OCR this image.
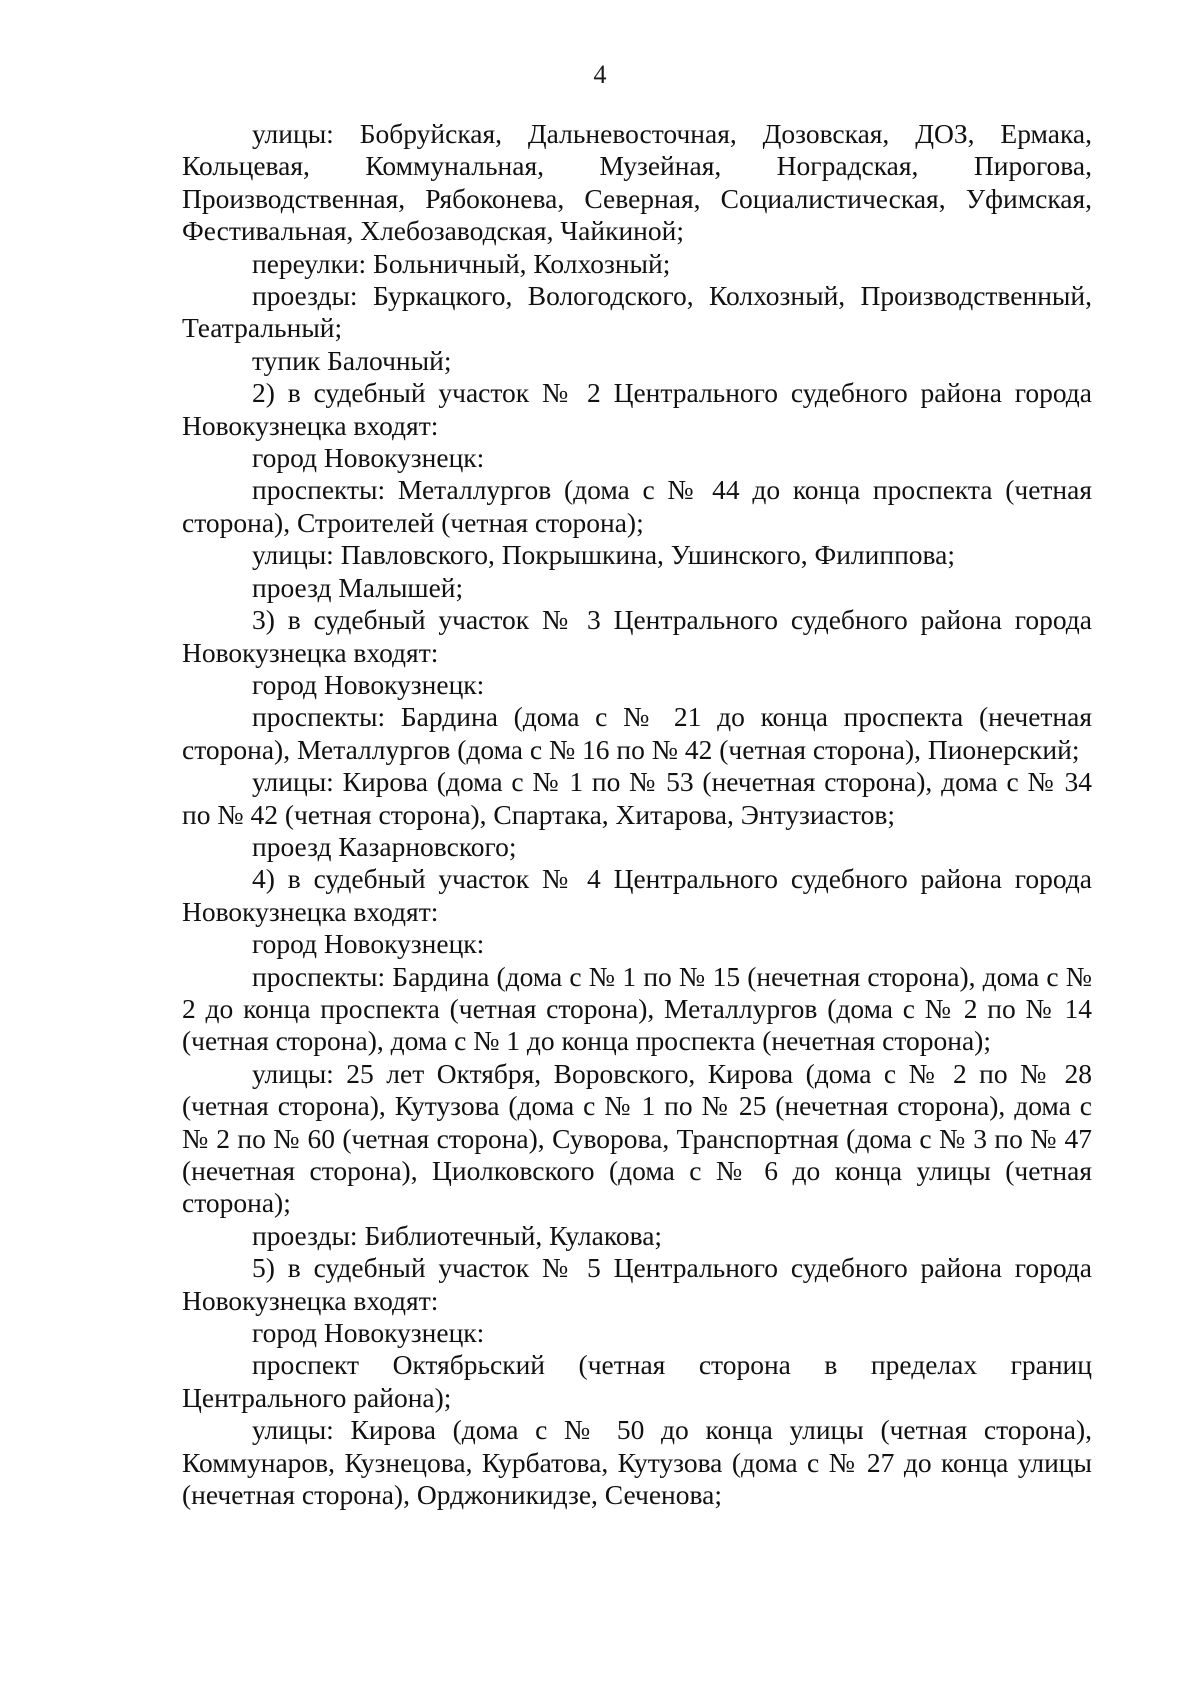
4

улицы: Бобруйская, Дальневосточная, Дозовская, ДОЗ, Ермака, Кольцевая, Коммунальная, Музейная, Ноградская, Пирогова, Производственная, Рябоконева, Северная, Социалистическая, Уфимская, Фестивальная, Хлебозаводская, Чайкиной;

переулки: Больничный, Колхозный;

проезды: Буркацкого, Вологодского, Колхозный, Производственный, Театральный;

тупик Балочный;

2) в судебный участок № 2 Центрального судебного района города Новокузнецка входят:

город Новокузнецк:

проспекты: Металлургов (дома с № 44 до конца проспекта (четная сторона), Строителей (четная сторона);

улицы: Павловского, Покрышкина, Ушинского, Филиппова;

проезд Малышей;

3) в судебный участок № 3 Центрального судебного района города Новокузнецка входят:

город Новокузнецк:

проспекты: Бардина (дома с № 21 до конца проспекта (нечетная сторона), Металлургов (дома с № 16 по № 42 (четная сторона), Пионерский;

улицы: Кирова (дома с № 1 по № 53 (нечетная сторона), дома с № 34 по № 42 (четная сторона), Спартака, Хитарова, Энтузиастов;

проезд Казарновского;

4) в судебный участок № 4 Центрального судебного района города Новокузнецка входят:

город Новокузнецк:

проспекты: Бардина (дома с № 1 по № 15 (нечетная сторона), дома с № 2 до конца проспекта (четная сторона), Металлургов (дома с № 2 по № 14 (четная сторона), дома с № 1 до конца проспекта (нечетная сторона);

улицы: 25 лет Октября, Воровского, Кирова (дома с № 2 по № 28 (четная сторона), Кутузова (дома с № 1 по № 25 (нечетная сторона), дома с № 2 по № 60 (четная сторона), Суворова, Транспортная (дома с № 3 по № 47 (нечетная сторона), Циолковского (дома с № 6 до конца улицы (четная сторона);

проезды: Библиотечный, Кулакова;

5) в судебный участок № 5 Центрального судебного района города Новокузнецка входят:

город Новокузнецк:

проспект Октябрьский (четная сторона в пределах границ Центрального района);

улицы: Кирова (дома с № 50 до конца улицы (четная сторона), Коммунаров, Кузнецова, Курбатова, Кутузова (дома с № 27 до конца улицы (нечетная сторона), Орджоникидзе, Сеченова;
